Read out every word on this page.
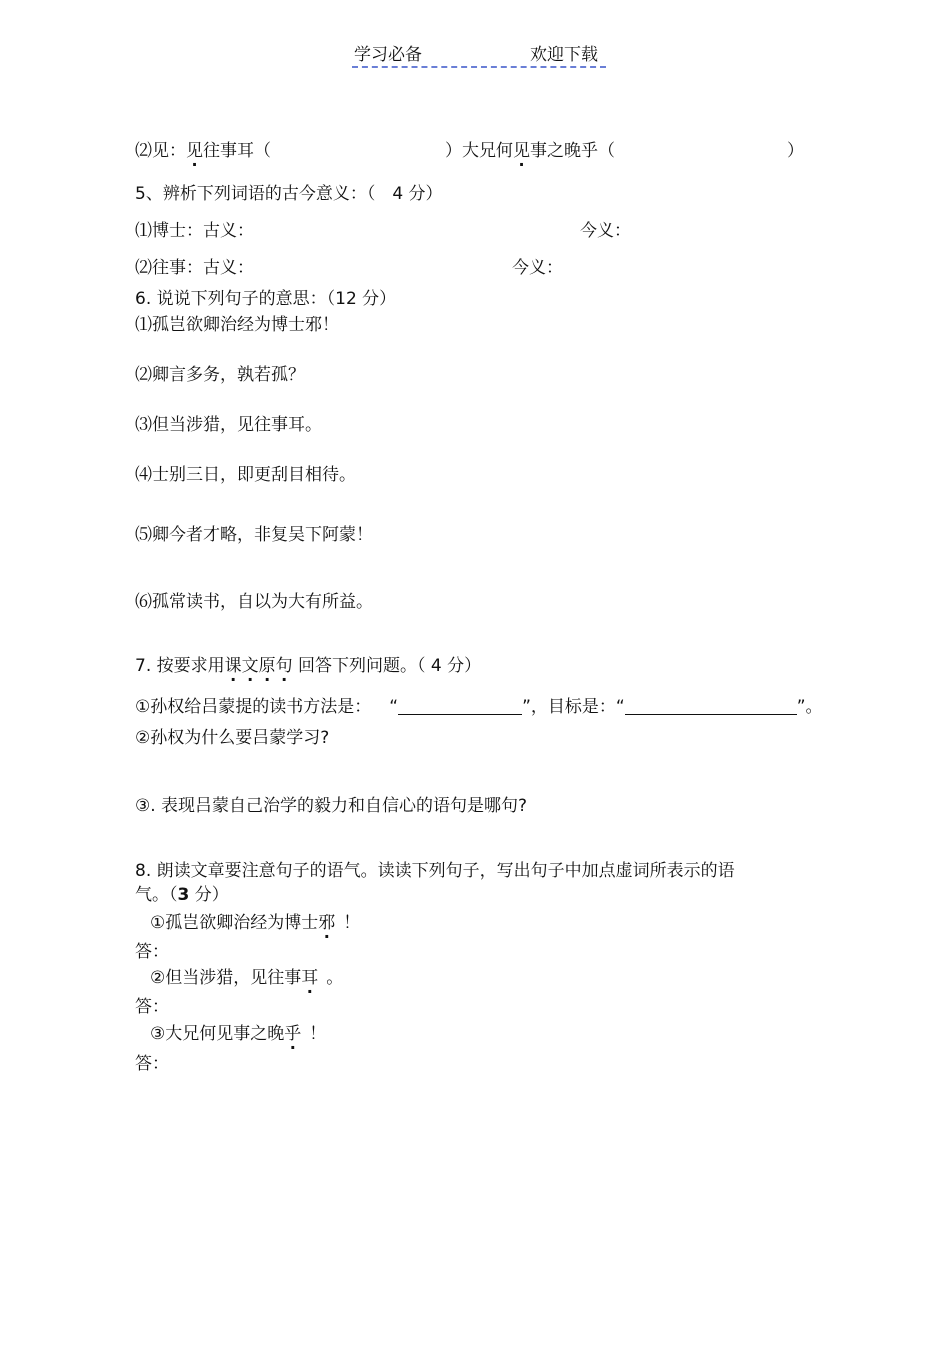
学习必备	欢迎下载
⑵见：见往事耳（	）大兄何见事之晚乎（	）
5、辨析下列词语的古今意义：（　4 分）
⑴博士：古义：	今义：
⑵往事：古义：	今义：
6. 说说下列句子的意思：（12 分）
⑴孤岂欲卿治经为博士邪！
⑵卿言多务，孰若孤？
⑶但当涉猎，见往事耳。
⑷士别三日，即更刮目相待。
⑸卿今者才略，非复吴下阿蒙！
⑹孤常读书，自以为大有所益。
7. 按要求用课文原句 回答下列问题。（ 4 分）
①孙权给吕蒙提的读书方法是： “	”，目标是：“	”。
②孙权为什么要吕蒙学习?
③. 表现吕蒙自己治学的毅力和自信心的语句是哪句?
8. 朗读文章要注意句子的语气。读读下列句子，写出句子中加点虚词所表示的语
气。（3 分）
①孤岂欲卿治经为博士邪 ！
答：
②但当涉猎，见往事耳 。
答：
③大兄何见事之晚乎 ！
答：
